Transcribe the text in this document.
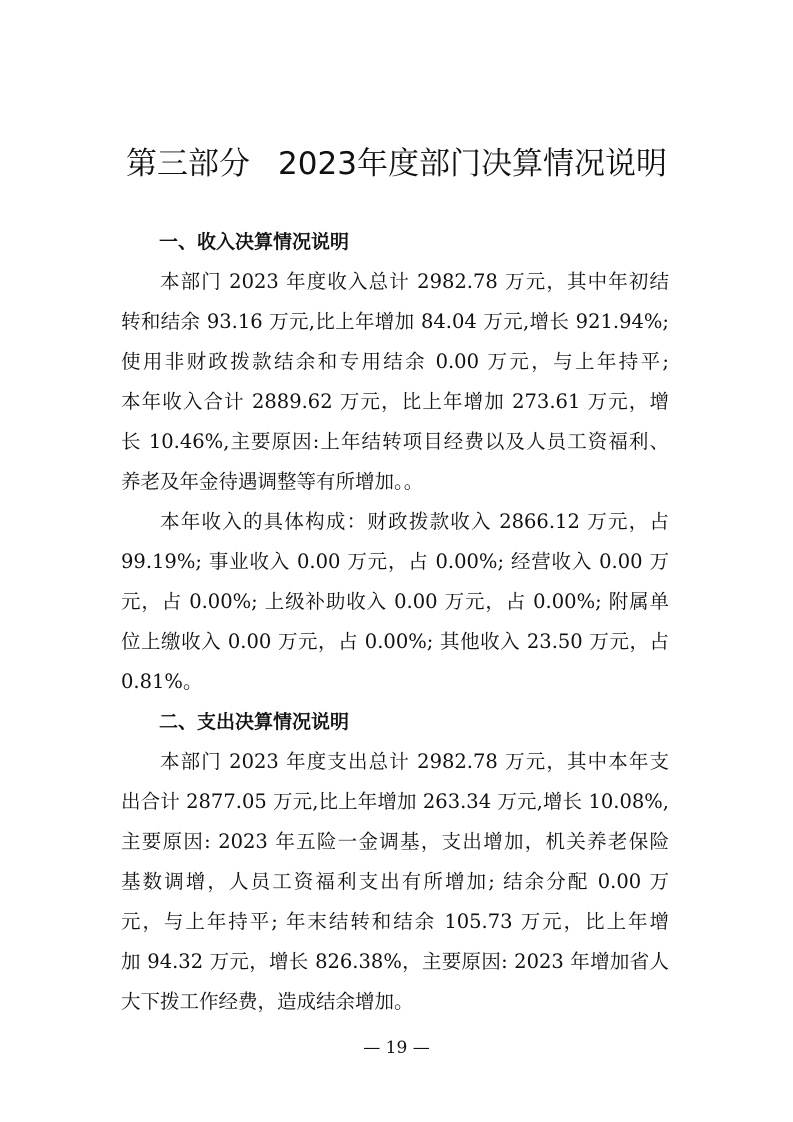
第三部分 2023年度部门决算情况说明
一、收入决算情况说明

本部门 2023 年度收入总计 2982.78 万元，其中年初结
转和结余 93.16 万元,比上年增加 84.04 万元,增长 921.94%;
使用非财政拨款结余和专用结余 0.00 万元，与上年持平;
本年收入合计 2889.62 万元，比上年增加 273.61 万元，增
长 10.46%,主要原因:上年结转项目经费以及人员工资福利、
养老及年金待遇调整等有所增加。。

本年收入的具体构成：财政拨款收入 2866.12 万元，占
99.19%; 事业收入 0.00 万元，占 0.00%; 经营收入 0.00 万
元，占 0.00%; 上级补助收入 0.00 万元，占 0.00%; 附属单
位上缴收入 0.00 万元，占 0.00%; 其他收入 23.50 万元，占
0.81%。

二、支出决算情况说明

本部门 2023 年度支出总计 2982.78 万元，其中本年支
出合计 2877.05 万元,比上年增加 263.34 万元,增长 10.08%,
主要原因: 2023 年五险一金调基，支出增加，机关养老保险
基数调增，人员工资福利支出有所增加; 结余分配 0.00 万
元，与上年持平; 年末结转和结余 105.73 万元，比上年增
加 94.32 万元，增长 826.38%，主要原因: 2023 年增加省人
大下拨工作经费，造成结余增加。

— 19 —
